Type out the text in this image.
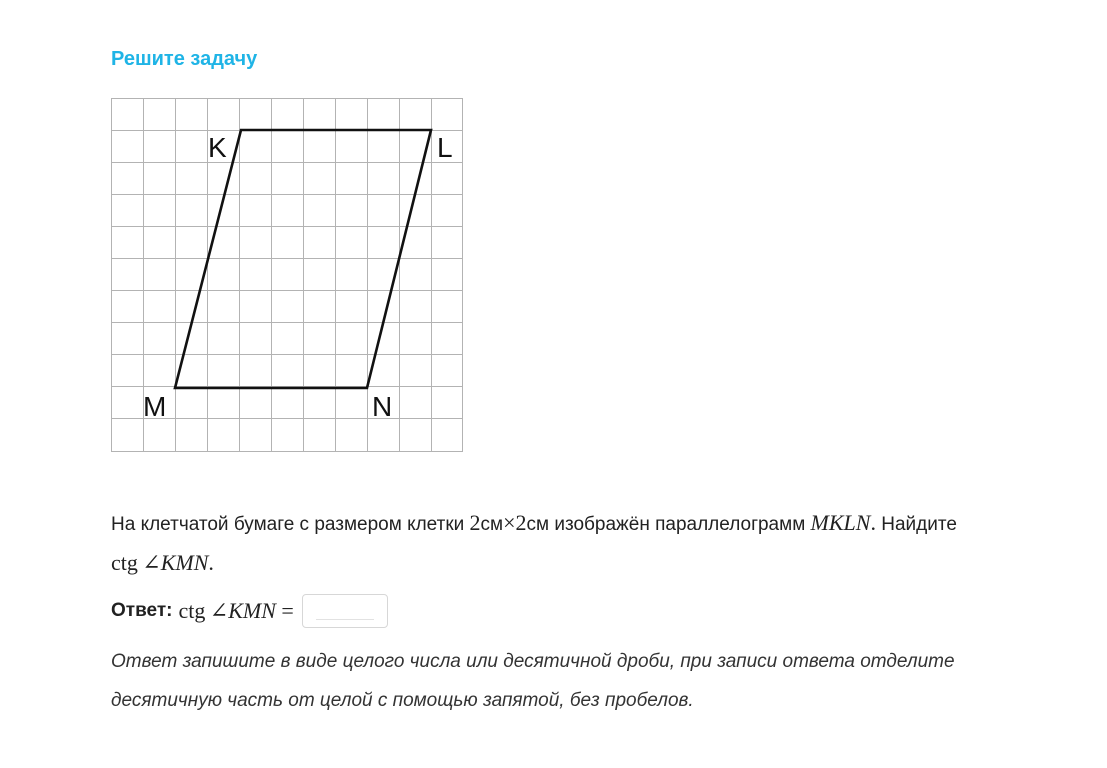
Решите задачу
K	L
M	N

На клетчатой бумаге с размером клетки 2см×2см изображён параллелограмм MKLN. Найдите
ctg  ∠KMN.

Ответ: ctg  ∠KMN =

Ответ запишите в виде целого числа или десятичной дроби, при записи ответа отделите десятичную часть от целой с помощью запятой, без пробелов.
